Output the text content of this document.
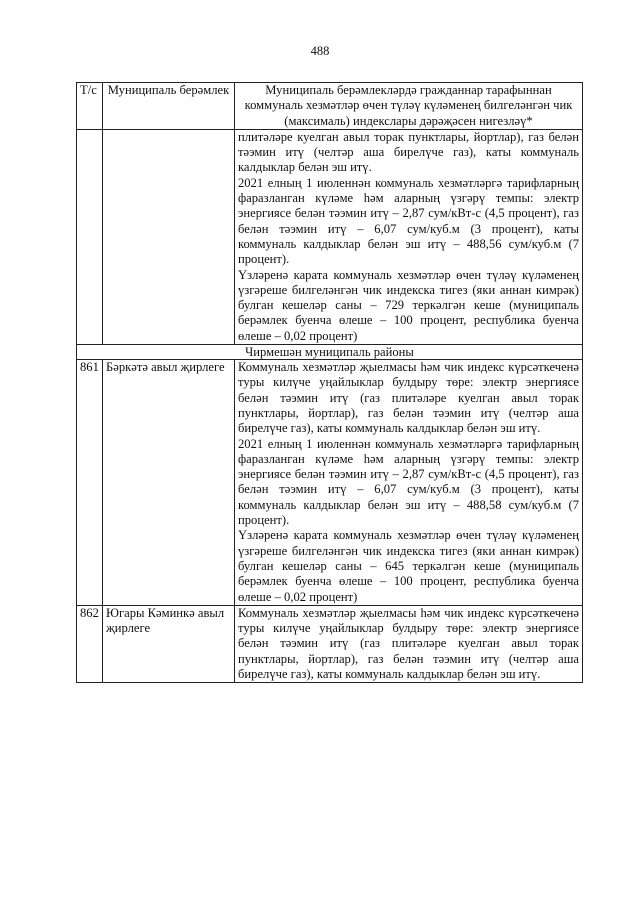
488
Т/с	Муниципаль берәмлек	Муниципаль берәмлекләрдә гражданнар тарафыннан коммуналь хезмәтләр өчен түләү күләменең билгеләнгән чик (максималь) индекслары дәрәҗәсен нигезләү*

		плитәләре куелган авыл торак пунктлары, йортлар), газ белән тәэмин итү (челтәр аша бирелүче газ), каты коммуналь калдыклар белән эш итү.

2021 елның 1 июленнән коммуналь хезмәтләргә тарифларның фаразланган күләме һәм аларның үзгәрү темпы: электр энергиясе белән тәэмин итү – 2,87 сум/кВт-с (4,5 процент), газ белән тәэмин итү – 6,07 сум/куб.м (3 процент), каты коммуналь калдыклар белән эш итү – 488,56 сум/куб.м (7 процент).

Үзләренә карата коммуналь хезмәтләр өчен түләү күләменең үзгәреше билгеләнгән чик индекска тигез (яки аннан кимрәк) булган кешеләр саны – 729 теркәлгән кеше (муниципаль берәмлек буенча өлеше – 100 процент, республика буенча өлеше – 0,02 процент)

Чирмешән муниципаль районы		
861	Бәркәтә авыл җирлеге	Коммуналь хезмәтләр җыелмасы һәм чик индекс күрсәткеченә туры килүче уңайлыклар булдыру төре: электр энергиясе белән тәэмин итү (газ плитәләре куелган авыл торак пунктлары, йортлар), газ белән тәэмин итү (челтәр аша бирелүче газ), каты коммуналь калдыклар белән эш итү.

2021 елның 1 июленнән коммуналь хезмәтләргә тарифларның фаразланган күләме һәм аларның үзгәрү темпы: электр энергиясе белән тәэмин итү – 2,87 сум/кВт-с (4,5 процент), газ белән тәэмин итү – 6,07 сум/куб.м (3 процент), каты коммуналь калдыклар белән эш итү – 488,58 сум/куб.м (7 процент).

Үзләренә карата коммуналь хезмәтләр өчен түләү күләменең үзгәреше билгеләнгән чик индекска тигез (яки аннан кимрәк) булган кешеләр саны – 645 теркәлгән кеше (муниципаль берәмлек буенча өлеше – 100 процент, республика буенча өлеше – 0,02 процент)

862	Югары Кәминкә авыл җирлеге	Коммуналь хезмәтләр җыелмасы һәм чик индекс күрсәткеченә туры килүче уңайлыклар булдыру төре: электр энергиясе белән тәэмин итү (газ плитәләре куелган авыл торак пунктлары, йортлар), газ белән тәэмин итү (челтәр аша бирелүче газ), каты коммуналь калдыклар белән эш итү.
